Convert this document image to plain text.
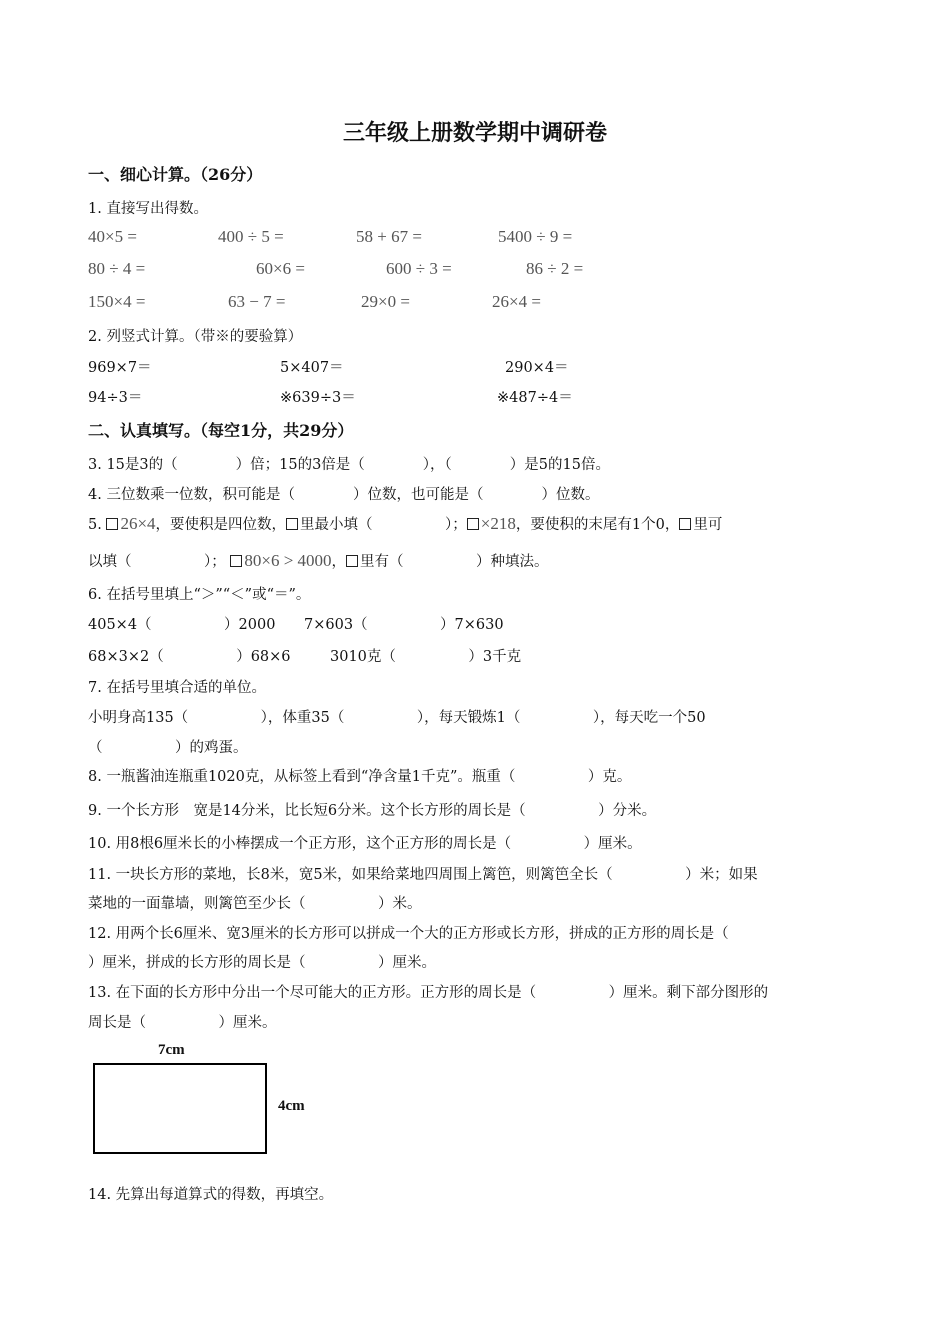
三年级上册数学期中调研卷
一、细心计算。（26分）
1. 直接写出得数。
40×5 =	400 ÷ 5 =	58 + 67 =	5400 ÷ 9 =
80 ÷ 4 =	60×6 =	600 ÷ 3 =	86 ÷ 2 =
150×4 =	63 − 7 =	29×0 =	26×4 =
2. 列竖式计算。（带※的要验算）
969×7＝	5×407＝	290×4＝
94÷3＝	※639÷3＝	※487÷4＝
二、认真填写。（每空1分，共29分）
3. 15是3的（　　　　）倍；15的3倍是（　　　　），（　　　　）是5的15倍。
4. 三位数乘一位数，积可能是（　　　　）位数，也可能是（　　　　）位数。
5. 26×4，要使积是四位数， 里最小填（　　　　　）； ×218，要使积的末尾有1个0， 里可
以填（　　　　　）； 80×6 > 4000， 里有（　　　　　）种填法。
6. 在括号里填上“＞”“＜”或“＝”。
405×4（　　　　　）2000 7×603（　　　　　）7×630
68×3×2（　　　　　）68×6	3010克（　　　　　）3千克
7. 在括号里填合适的单位。
小明身高135（　　　　　），体重35（　　　　　），每天锻炼1（　　　　　），每天吃一个50
（　　　　　）的鸡蛋。
8. 一瓶酱油连瓶重1020克，从标签上看到“净含量1千克”。瓶重（　　　　　）克。
9. 一个长方形　宽是14分米，比长短6分米。这个长方形的周长是（　　　　　）分米。
10. 用8根6厘米长的小棒摆成一个正方形，这个正方形的周长是（　　　　　）厘米。
11. 一块长方形的菜地，长8米，宽5米，如果给菜地四周围上篱笆，则篱笆全长（　　　　　）米；如果
菜地的一面靠墙，则篱笆至少长（　　　　　）米。
12. 用两个长6厘米、宽3厘米的长方形可以拼成一个大的正方形或长方形，拼成的正方形的周长是（
）厘米，拼成的长方形的周长是（　　　　　）厘米。
13. 在下面的长方形中分出一个尽可能大的正方形。正方形的周长是（　　　　　）厘米。剩下部分图形的
周长是（　　　　　）厘米。
7cm
4cm
14. 先算出每道算式的得数，再填空。
